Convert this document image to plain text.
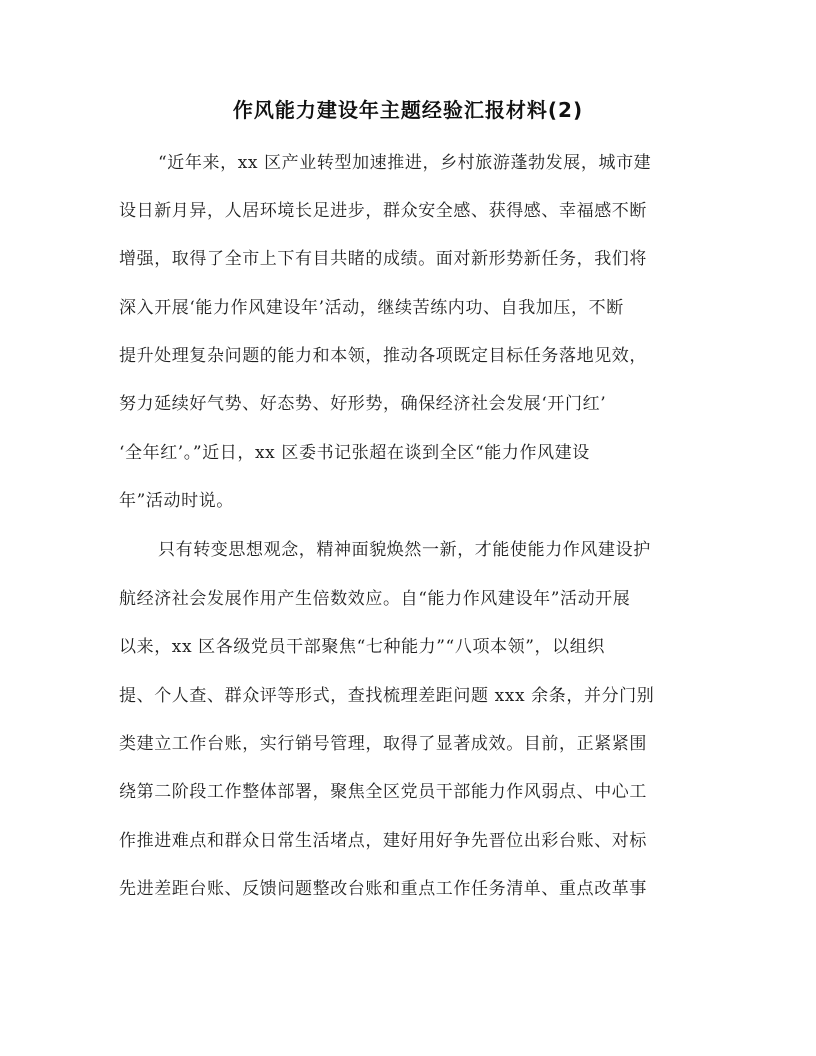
作风能力建设年主题经验汇报材料(2)
“近年来，xx 区产业转型加速推进，乡村旅游蓬勃发展，城市建
设日新月异，人居环境长足进步，群众安全感、获得感、幸福感不断
增强，取得了全市上下有目共睹的成绩。面对新形势新任务，我们将
深入开展‘能力作风建设年’活动，继续苦练内功、自我加压，不断
提升处理复杂问题的能力和本领，推动各项既定目标任务落地见效，
努力延续好气势、好态势、好形势，确保经济社会发展‘开门红’
‘全年红’。”近日，xx 区委书记张超在谈到全区“能力作风建设
年”活动时说。
只有转变思想观念，精神面貌焕然一新，才能使能力作风建设护
航经济社会发展作用产生倍数效应。自“能力作风建设年”活动开展
以来，xx 区各级党员干部聚焦“七种能力”“八项本领”，以组织
提、个人查、群众评等形式，查找梳理差距问题 xxx 余条，并分门别
类建立工作台账，实行销号管理，取得了显著成效。目前，正紧紧围
绕第二阶段工作整体部署，聚焦全区党员干部能力作风弱点、中心工
作推进难点和群众日常生活堵点，建好用好争先晋位出彩台账、对标
先进差距台账、反馈问题整改台账和重点工作任务清单、重点改革事
